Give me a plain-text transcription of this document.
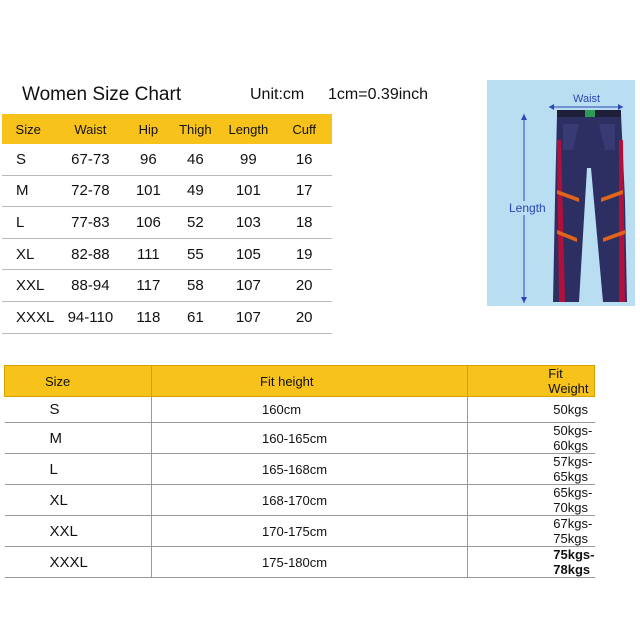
Women Size Chart	Unit:cm 1cm=0.39inch
Size	Waist	Hip	Thigh	Length	Cuff
S	67-73	96	46	99	16
M	72-78	101	49	101	17
L	77-83	106	52	103	18
XL	82-88	111	55	105	19
XXL	88-94	117	58	107	20
XXXL	94-110	118	61	107	20
Waist
Length
Size	Fit height	Fit Weight
S	160cm	50kgs
M	160-165cm	50kgs-60kgs
L	165-168cm	57kgs-65kgs
XL	168-170cm	65kgs-70kgs
XXL	170-175cm	67kgs-75kgs
XXXL	175-180cm	75kgs-78kgs
